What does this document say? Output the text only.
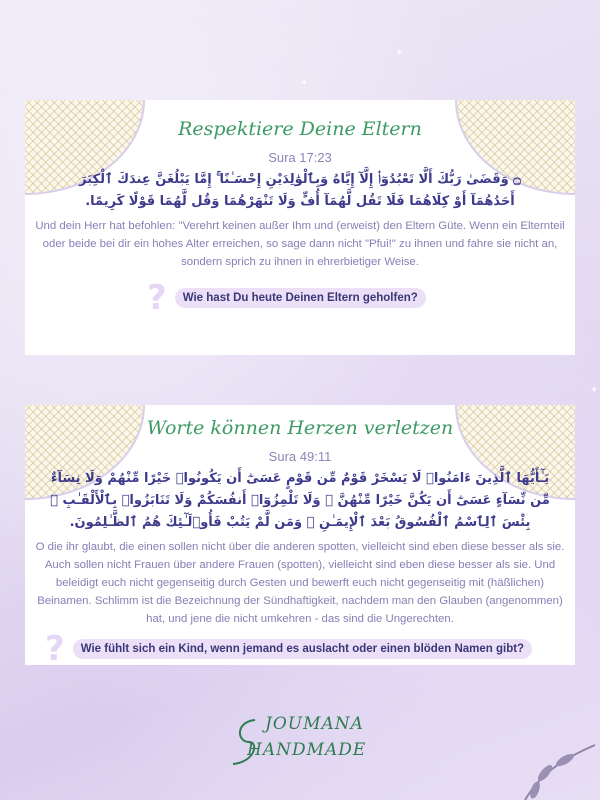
✦
✦
✦
Respektiere Deine Eltern
Sura 17:23
۝ وَقَضَىٰ رَبُّكَ أَلَّا تَعْبُدُوٓا۟ إِلَّآ إِيَّاهُ وَبِٱلْوَٰلِدَيْنِ إِحْسَـٰنًا ۚ إِمَّا يَبْلُغَنَّ عِندَكَ ٱلْكِبَرَ أَحَدُهُمَآ أَوْ كِلَاهُمَا فَلَا تَقُل لَّهُمَآ أُفٍّ وَلَا تَنْهَرْهُمَا وَقُل لَّهُمَا قَوْلًا كَرِيمًا.
Und dein Herr hat befohlen: "Verehrt keinen außer Ihm und (erweist) den Eltern Güte. Wenn ein Elternteil oder beide bei dir ein hohes Alter erreichen, so sage dann nicht "Pfui!" zu ihnen und fahre sie nicht an, sondern sprich zu ihnen in ehrerbietiger Weise.
?	Wie hast Du heute Deinen Eltern geholfen?
Worte können Herzen verletzen
Sura 49:11
يَـٰٓأَيُّهَا ٱلَّذِينَ ءَامَنُوا۟ لَا يَسْخَرْ قَوْمٌ مِّن قَوْمٍ عَسَىٰٓ أَن يَكُونُوا۟ خَيْرًا مِّنْهُمْ وَلَا نِسَآءٌ مِّن نِّسَآءٍ عَسَىٰٓ أَن يَكُنَّ خَيْرًا مِّنْهُنَّ ۖ وَلَا تَلْمِزُوٓا۟ أَنفُسَكُمْ وَلَا تَنَابَزُوا۟ بِٱلْأَلْقَـٰبِ ۖ بِئْسَ ٱلِٱسْمُ ٱلْفُسُوقُ بَعْدَ ٱلْإِيمَـٰنِ ۚ وَمَن لَّمْ يَتُبْ فَأُو۟لَـٰٓئِكَ هُمُ ٱلظَّـٰلِمُونَ.
O die ihr glaubt, die einen sollen nicht über die anderen spotten, vielleicht sind eben diese besser als sie. Auch sollen nicht Frauen über andere Frauen (spotten), vielleicht sind eben diese besser als sie. Und beleidigt euch nicht gegenseitig durch Gesten und bewerft euch nicht gegenseitig mit (häßlichen) Beinamen. Schlimm ist die Bezeichnung der Sündhaftigkeit, nachdem man den Glauben (angenommen) hat, und jene die nicht umkehren - das sind die Ungerechten.
?	Wie fühlt sich ein Kind, wenn jemand es auslacht oder einen blöden Namen gibt?
JOUMANA
HANDMADE
